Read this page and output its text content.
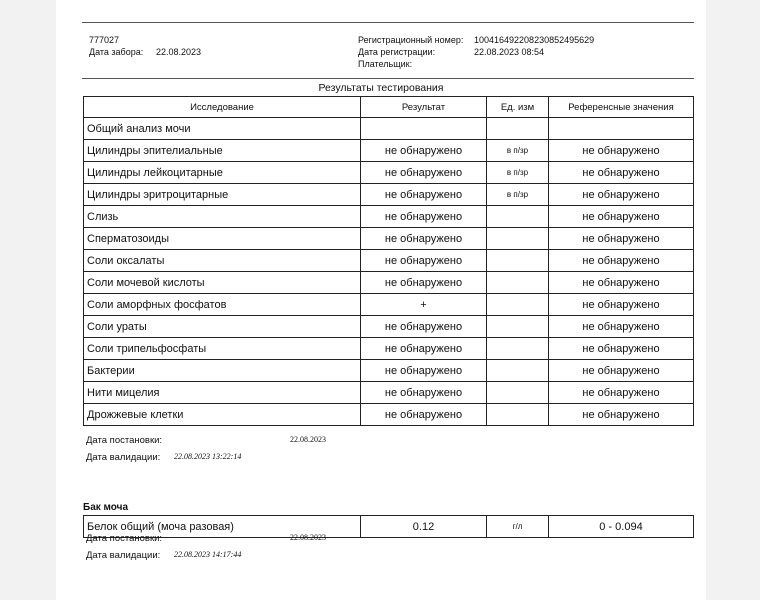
777027
Дата забора: 22.08.2023
Регистрационный номер: 100416492208230852495629
Дата регистрации:	22.08.2023 08:54
Плательщик:
Результаты тестирования
Исследование	Результат	Ед. изм	Референсные значения
Общий анализ мочи			
Цилиндры эпителиальные	не обнаружено	в п/зр	не обнаружено
Цилиндры лейкоцитарные	не обнаружено	в п/зр	не обнаружено
Цилиндры эритроцитарные	не обнаружено	в п/зр	не обнаружено
Слизь	не обнаружено		не обнаружено
Сперматозоиды	не обнаружено		не обнаружено
Соли оксалаты	не обнаружено		не обнаружено
Соли мочевой кислоты	не обнаружено		не обнаружено
Соли аморфных фосфатов	+		не обнаружено
Соли ураты	не обнаружено		не обнаружено
Соли трипельфосфаты	не обнаружено		не обнаружено
Бактерии	не обнаружено		не обнаружено
Нити мицелия	не обнаружено		не обнаружено
Дрожжевые клетки	не обнаружено		не обнаружено
Дата постановки:	22.08.2023
Дата валидации: 22.08.2023 13:22:14
Бак моча
Белок общий (моча разовая)	0.12	г/л	0 - 0.094
Дата постановки:	22.08.2023
Дата валидации: 22.08.2023 14:17:44
